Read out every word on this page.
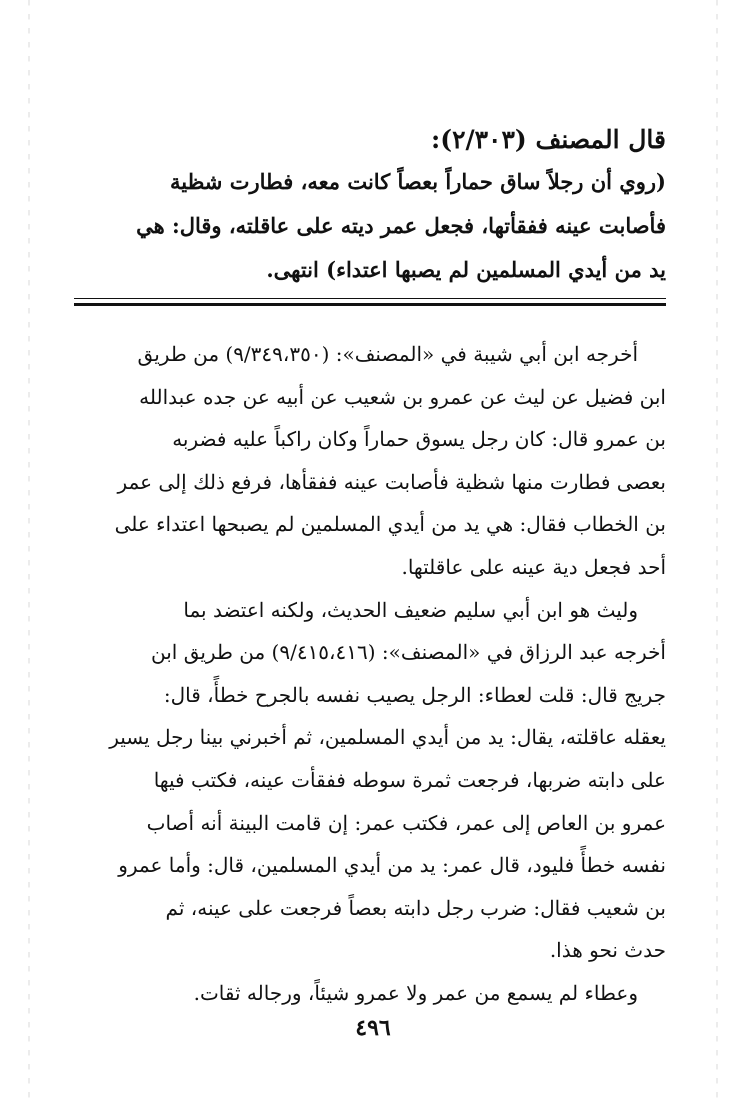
قال المصنف (٢/٣٠٣):
(روي أن رجلاً ساق حماراً بعصاً كانت معه، فطارت شظية
فأصابت عينه ففقأتها، فجعل عمر ديته على عاقلته، وقال: هي
يد من أيدي المسلمين لم يصبها اعتداء) انتهى.
أخرجه ابن أبي شيبة في «المصنف»: (٩/٣٤٩،٣٥٠) من طريق
ابن فضيل عن ليث عن عمرو بن شعيب عن أبيه عن جده عبدالله
بن عمرو قال: كان رجل يسوق حماراً وكان راكباً عليه فضربه
بعصى فطارت منها شظية فأصابت عينه ففقأها، فرفع ذلك إلى عمر
بن الخطاب فقال: هي يد من أيدي المسلمين لم يصبحها اعتداء على
أحد فجعل دية عينه على عاقلتها.
وليث هو ابن أبي سليم ضعيف الحديث، ولكنه اعتضد بما
أخرجه عبد الرزاق في «المصنف»: (٩/٤١٥،٤١٦) من طريق ابن
جريج قال: قلت لعطاء: الرجل يصيب نفسه بالجرح خطأً، قال:
يعقله عاقلته، يقال: يد من أيدي المسلمين، ثم أخبرني بينا رجل يسير
على دابته ضربها، فرجعت ثمرة سوطه ففقأت عينه، فكتب فيها
عمرو بن العاص إلى عمر، فكتب عمر: إن قامت البينة أنه أصاب
نفسه خطأً فليود، قال عمر: يد من أيدي المسلمين، قال: وأما عمرو
بن شعيب فقال: ضرب رجل دابته بعصاً فرجعت على عينه، ثم
حدث نحو هذا.
وعطاء لم يسمع من عمر ولا عمرو شيئاً، ورجاله ثقات.
٤٩٦
